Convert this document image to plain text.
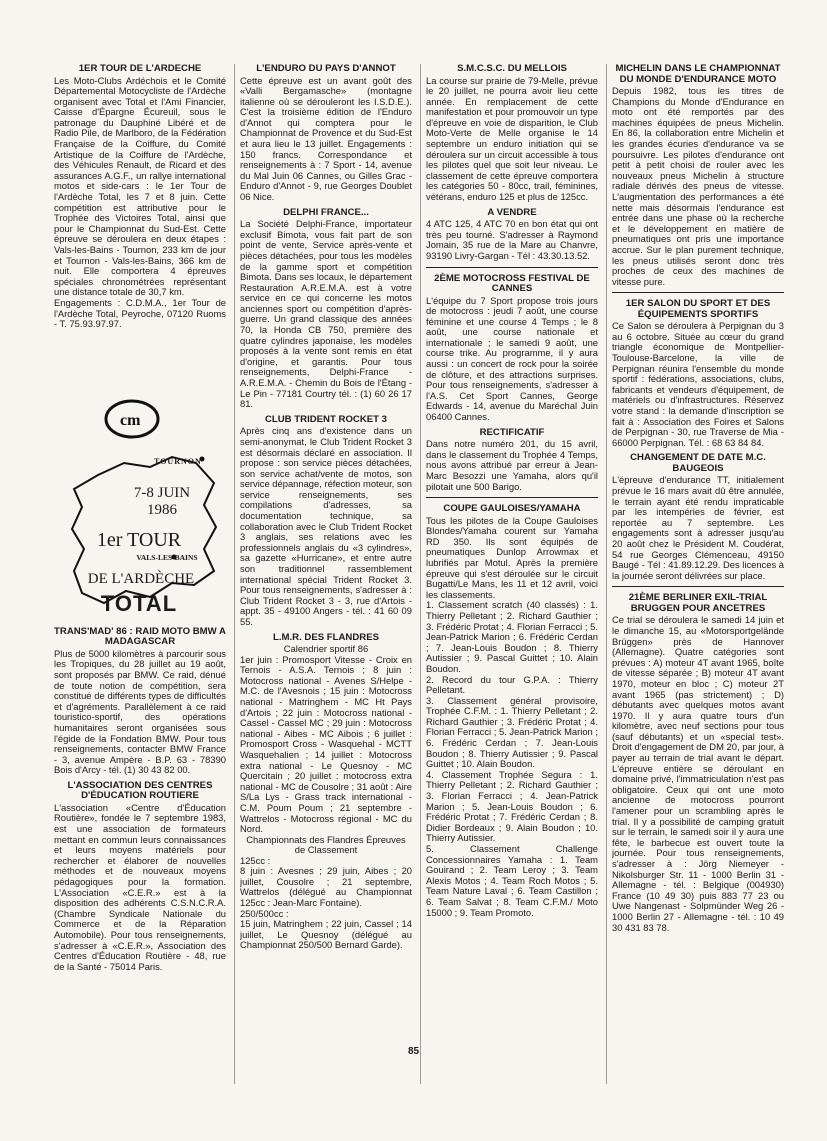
1ER TOUR DE L'ARDECHE

Les Moto-Clubs Ardéchois et le Comité Départemental Motocycliste de l'Ardèche organisent avec Total et l'Ami Financier, Caisse d'Épargne Écureuil, sous le patronage du Dauphiné Libéré et de Radio Pile, de Marlboro, de la Fédération Française de la Coiffure, du Comité Artistique de la Coiffure de l'Ardèche, des Véhicules Renault, de Ricard et des assurances A.G.F., un rallye international motos et side-cars : le 1er Tour de l'Ardèche Total, les 7 et 8 juin. Cette compétition est attributive pour le Trophée des Victoires Total, ainsi que pour le Championnat du Sud-Est. Cette épreuve se déroulera en deux étapes : Vals-les-Bains - Tournon, 233 km de jour et Tournon - Vals-les-Bains, 366 km de nuit. Elle comportera 4 épreuves spéciales chronométrées représentant une distance totale de 30,7 km.

Engagements : C.D.M.A., 1er Tour de l'Ardèche Total, Peyroche, 07120 Ruoms - T. 75.93.97.97.

cm

TOURNON

7-8 JUIN
1986

1er TOUR

VALS-LES-BAINS

DE L'ARDÈCHE

TOTAL

TRANS'MAD' 86 : RAID MOTO BMW A MADAGASCAR

Plus de 5000 kilomètres à parcourir sous les Tropiques, du 28 juillet au 19 août, sont proposés par BMW. Ce raid, dénué de toute notion de compétition, sera constitué de différents types de difficultés et d'agréments. Parallèlement à ce raid touristico-sportif, des opérations humanitaires seront organisées sous l'égide de la Fondation BMW. Pour tous renseignements, contacter BMW France - 3, avenue Ampère - B.P. 63 - 78390 Bois d'Arcy - tél. (1) 30 43 82 00.

L'ASSOCIATION DES CENTRES D'ÉDUCATION ROUTIERE

L'association «Centre d'Éducation Routière», fondée le 7 septembre 1983, est une association de formateurs mettant en commun leurs connaissances et leurs moyens matériels pour rechercher et élaborer de nouvelles méthodes et de nouveaux moyens pédagogiques pour la formation. L'Association «C.E.R.» est à la disposition des adhérents C.S.N.C.R.A. (Chambre Syndicale Nationale du Commerce et de la Réparation Automobile). Pour tous renseignements, s'adresser à «C.E.R.», Association des Centres d'Éducation Routière - 48, rue de la Santé - 75014 Paris.

L'ENDURO DU PAYS D'ANNOT

Cette épreuve est un avant goût des «Valli Bergamasche» (montagne italienne où se dérouleront les I.S.D.E.). C'est la troisième édition de l'Enduro d'Annot qui comptera pour le Championnat de Provence et du Sud-Est et aura lieu le 13 juillet. Engagements : 150 francs. Correspondance et renseignements à : 7 Sport - 14, avenue du Mal Juin 06 Cannes, ou Gilles Grac - Enduro d'Annot - 9, rue Georges Doublet 06 Nice.

DELPHI FRANCE...

La Société Delphi-France, importateur exclusif Bimota, vous fait part de son point de vente, Service après-vente et pièces détachées, pour tous les modèles de la gamme sport et compétition Bimota. Dans ses locaux, le département Restauration A.R.E.M.A. est à votre service en ce qui concerne les motos anciennes sport ou compétition d'après-guerre. Un grand classique des années 70, la Honda CB 750, première des quatre cylindres japonaise, les modèles proposés à la vente sont remis en état d'origine, et garantis. Pour tous renseignements, Delphi-France - A.R.E.M.A. - Chemin du Bois de l'Étang - Le Pin - 77181 Courtry tél. : (1) 60 26 17 81.

CLUB TRIDENT ROCKET 3

Après cinq ans d'existence dans un semi-anonymat, le Club Trident Rocket 3 est désormais déclaré en association. Il propose : son service pièces détachées, son service achat/vente de motos, son service dépannage, réfection moteur, son service renseignements, ses compilations d'adresses, sa documentation technique, sa collaboration avec le Club Trident Rocket 3 anglais, ses relations avec les professionnels anglais du «3 cylindres», sa gazette «Hurricane», et entre autre son traditionnel rassemblement international spécial Trident Rocket 3. Pour tous renseignements, s'adresser à : Club Trident Rocket 3 - 3, rue d'Artois - appt. 35 - 49100 Angers - tél. : 41 60 09 55.

L.M.R. DES FLANDRES

Calendrier sportif 86

1er juin : Promosport Vitesse - Croix en Ternois - A.S.A. Ternois ; 8 juin : Motocross national - Avenes S/Helpe - M.C. de l'Avesnois ; 15 juin : Motocross national - Matringhem - MC Ht Pays d'Artois ; 22 juin : Motocross national - Cassel - Cassel MC ; 29 juin : Motocross national - Aibes - MC Aibois ; 6 juillet : Promosport Cross - Wasquehal - MCTT Wasquehalien ; 14 juillet : Motocross extra national - Le Quesnoy - MC Quercitain ; 20 juillet : motocross extra national - MC de Cousolre ; 31 août : Aire S/La Lys - Grass track international - C.M. Poum Poum ; 21 septembre - Wattrelos - Motocross régional - MC du Nord.

Championnats des Flandres Épreuves de Classement

125cc :

8 juin : Avesnes ; 29 juin, Aibes ; 20 juillet, Cousolre ; 21 septembre, Wattrelos (délégué au Championnat 125cc : Jean-Marc Fontaine).

250/500cc :

15 juin, Matringhem ; 22 juin, Cassel ; 14 juillet, Le Quesnoy (délégué au Championnat 250/500 Bernard Garde).

S.M.C.S.C. DU MELLOIS

La course sur prairie de 79-Melle, prévue le 20 juillet, ne pourra avoir lieu cette année. En remplacement de cette manifestation et pour promouvoir un type d'épreuve en voie de disparition, le Club Moto-Verte de Melle organise le 14 septembre un enduro initiation qui se déroulera sur un circuit accessible à tous les pilotes quel que soit leur niveau. Le classement de cette épreuve comportera les catégories 50 - 80cc, trail, féminines, vétérans, enduro 125 et plus de 125cc.

A VENDRE

4 ATC 125, 4 ATC 70 en bon état qui ont très peu tourné. S'adresser à Raymond Jomain, 35 rue de la Mare au Chanvre, 93190 Livry-Gargan - Tél : 43.30.13.52.

2ÈME MOTOCROSS FESTIVAL DE CANNES

L'équipe du 7 Sport propose trois jours de motocross : jeudi 7 août, une course féminine et une course 4 Temps ; le 8 août, une course nationale et internationale ; le samedi 9 août, une course trike. Au programme, il y aura aussi : un concert de rock pour la soirée de clôture, et des attractions surprises. Pour tous renseignements, s'adresser à l'A.S. Cet Sport Cannes, George Edwards - 14, avenue du Maréchal Juin 06400 Cannes.

RECTIFICATIF

Dans notre numéro 201, du 15 avril, dans le classement du Trophée 4 Temps, nous avons attribué par erreur à Jean-Marc Besozzi une Yamaha, alors qu'il pilotait une 500 Barigo.

COUPE GAULOISES/YAMAHA

Tous les pilotes de la Coupe Gauloises Blondes/Yamaha courent sur Yamaha RD 350. Ils sont équipés de pneumatiques Dunlop Arrowmax et lubrifiés par Motul. Après la première épreuve qui s'est déroulée sur le circuit Bugatti/Le Mans, les 11 et 12 avril, voici les classements.

1. Classement scratch (40 classés) : 1. Thierry Pelletant ; 2. Richard Gauthier ; 3. Frédéric Protat ; 4. Florian Ferracci ; 5. Jean-Patrick Marion ; 6. Frédéric Cerdan ; 7. Jean-Louis Boudon ; 8. Thierry Autissier ; 9. Pascal Guittet ; 10. Alain Boudon.

2. Record du tour G.P.A. : Thierry Pelletant.

3. Classement général provisoire, Trophée C.F.M. : 1. Thierry Pelletant ; 2. Richard Gauthier ; 3. Frédéric Protat ; 4. Florian Ferracci ; 5. Jean-Patrick Marion ; 6. Frédéric Cerdan ; 7. Jean-Louis Boudon ; 8. Thierry Autissier ; 9. Pascal Guittet ; 10. Alain Boudon.

4. Classement Trophée Segura : 1. Thierry Pelletant ; 2. Richard Gauthier ; 3. Florian Ferracci ; 4. Jean-Patrick Marion ; 5. Jean-Louis Boudon ; 6. Frédéric Protat ; 7. Frédéric Cerdan ; 8. Didier Bordeaux ; 9. Alain Boudon ; 10. Thierry Autissier.

5. Classement Challenge Concessionnaires Yamaha : 1. Team Gouirand ; 2. Team Leroy ; 3. Team Alexis Motos ; 4. Team Roch Motos ; 5. Team Nature Laval ; 6. Team Castillon ; 6. Team Salvat ; 8. Team C.F.M./ Moto 15000 ; 9. Team Promoto.

MICHELIN DANS LE CHAMPIONNAT DU MONDE D'ENDURANCE MOTO

Depuis 1982, tous les titres de Champions du Monde d'Endurance en moto ont été remportés par des machines équipées de pneus Michelin. En 86, la collaboration entre Michelin et les grandes écuries d'endurance va se poursuivre. Les pilotes d'endurance ont petit à petit choisi de rouler avec les nouveaux pneus Michelin à structure radiale dérivés des pneus de vitesse. L'augmentation des performances a été nette mais désormais l'endurance est entrée dans une phase où la recherche et le développement en matière de pneumatiques ont pris une importance accrue. Sur le plan purement technique, les pneus utilisés seront donc très proches de ceux des machines de vitesse pure.

1ER SALON DU SPORT ET DES ÉQUIPEMENTS SPORTIFS

Ce Salon se déroulera à Perpignan du 3 au 6 octobre. Située au cœur du grand triangle économique de Montpellier-Toulouse-Barcelone, la ville de Perpignan réunira l'ensemble du monde sportif : fédérations, associations, clubs, fabricants et vendeurs d'équipement, de matériels ou d'infrastructures. Réservez votre stand : la demande d'inscription se fait à : Association des Foires et Salons de Perpignan - 30, rue Traverse de Mia - 66000 Perpignan. Tél. : 68 63 84 84.

CHANGEMENT DE DATE M.C. BAUGEOIS

L'épreuve d'endurance TT, initialement prévue le 16 mars avait dû être annulée, le terrain ayant été rendu impraticable par les intempéries de février, est reportée au 7 septembre. Les engagements sont à adresser jusqu'au 20 août chez le Président M. Coudérat, 54 rue Georges Clémenceau, 49150 Baugé - Tél : 41.89.12.29. Des licences à la journée seront délivrées sur place.

21ÈME BERLINER EXIL-TRIAL BRUGGEN POUR ANCETRES

Ce trial se déroulera le samedi 14 juin et le dimanche 15, au «Motorsportgelände Brüggen» près de Hannover (Allemagne). Quatre catégories sont prévues : A) moteur 4T avant 1965, boîte de vitesse séparée ; B) moteur 4T avant 1970, moteur en bloc ; C) moteur 2T avant 1965 (pas strictement) ; D) débutants avec quelques motos avant 1970. Il y aura quatre tours d'un kilomètre, avec neuf sections pour tous (sauf débutants) et un «special test». Droit d'engagement de DM 20, par jour, à payer au terrain de trial avant le départ. L'épreuve entière se déroulant en domaine privé, l'immatriculation n'est pas obligatoire. Ceux qui ont une moto ancienne de motocross pourront l'amener pour un scrambling après le trial. Il y a possibilité de camping gratuit sur le terrain, le samedi soir il y aura une fête, le barbecue est ouvert toute la journée. Pour tous renseignements, s'adresser à : Jörg Niemeyer - Nikolsburger Str. 11 - 1000 Berlin 31 - Allemagne - tél. : Belgique (004930) France (10 49 30) puis 883 77 23 ou Uwe Nangenast - Solpmünder Weg 26 - 1000 Berlin 27 - Allemagne - tél. : 10 49 30 431 83 78.

85
